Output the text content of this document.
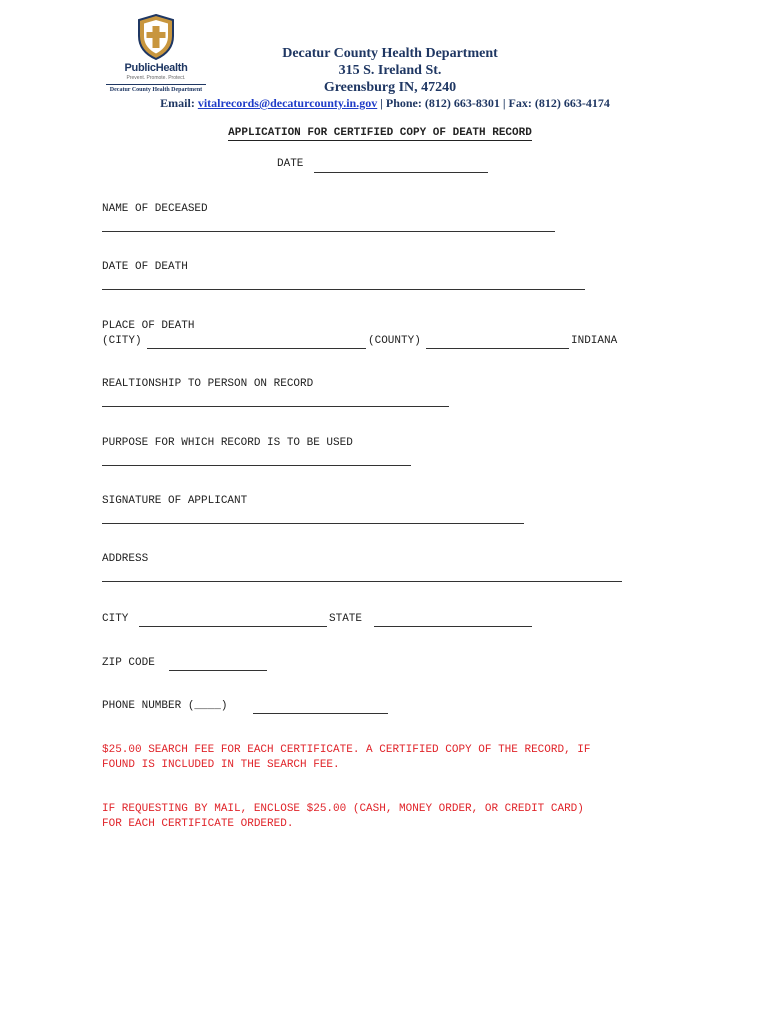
PublicHealth
Prevent. Promote. Protect.
Decatur County Health Department
Decatur County Health Department
315 S. Ireland St.
Greensburg IN, 47240
Email: vitalrecords@decaturcounty.in.gov | Phone: (812) 663-8301 | Fax: (812) 663-4174
APPLICATION FOR CERTIFIED COPY OF DEATH RECORD
DATE
NAME OF DECEASED
DATE OF DEATH
PLACE OF DEATH
(CITY)	(COUNTY)	INDIANA
REALTIONSHIP TO PERSON ON RECORD
PURPOSE FOR WHICH RECORD IS TO BE USED
SIGNATURE OF APPLICANT
ADDRESS
CITY	STATE
ZIP CODE
PHONE NUMBER (____)
$25.00 SEARCH FEE FOR EACH CERTIFICATE. A CERTIFIED COPY OF THE RECORD, IF
FOUND IS INCLUDED IN THE SEARCH FEE.
IF REQUESTING BY MAIL, ENCLOSE $25.00 (CASH, MONEY ORDER, OR CREDIT CARD)
FOR EACH CERTIFICATE ORDERED.
